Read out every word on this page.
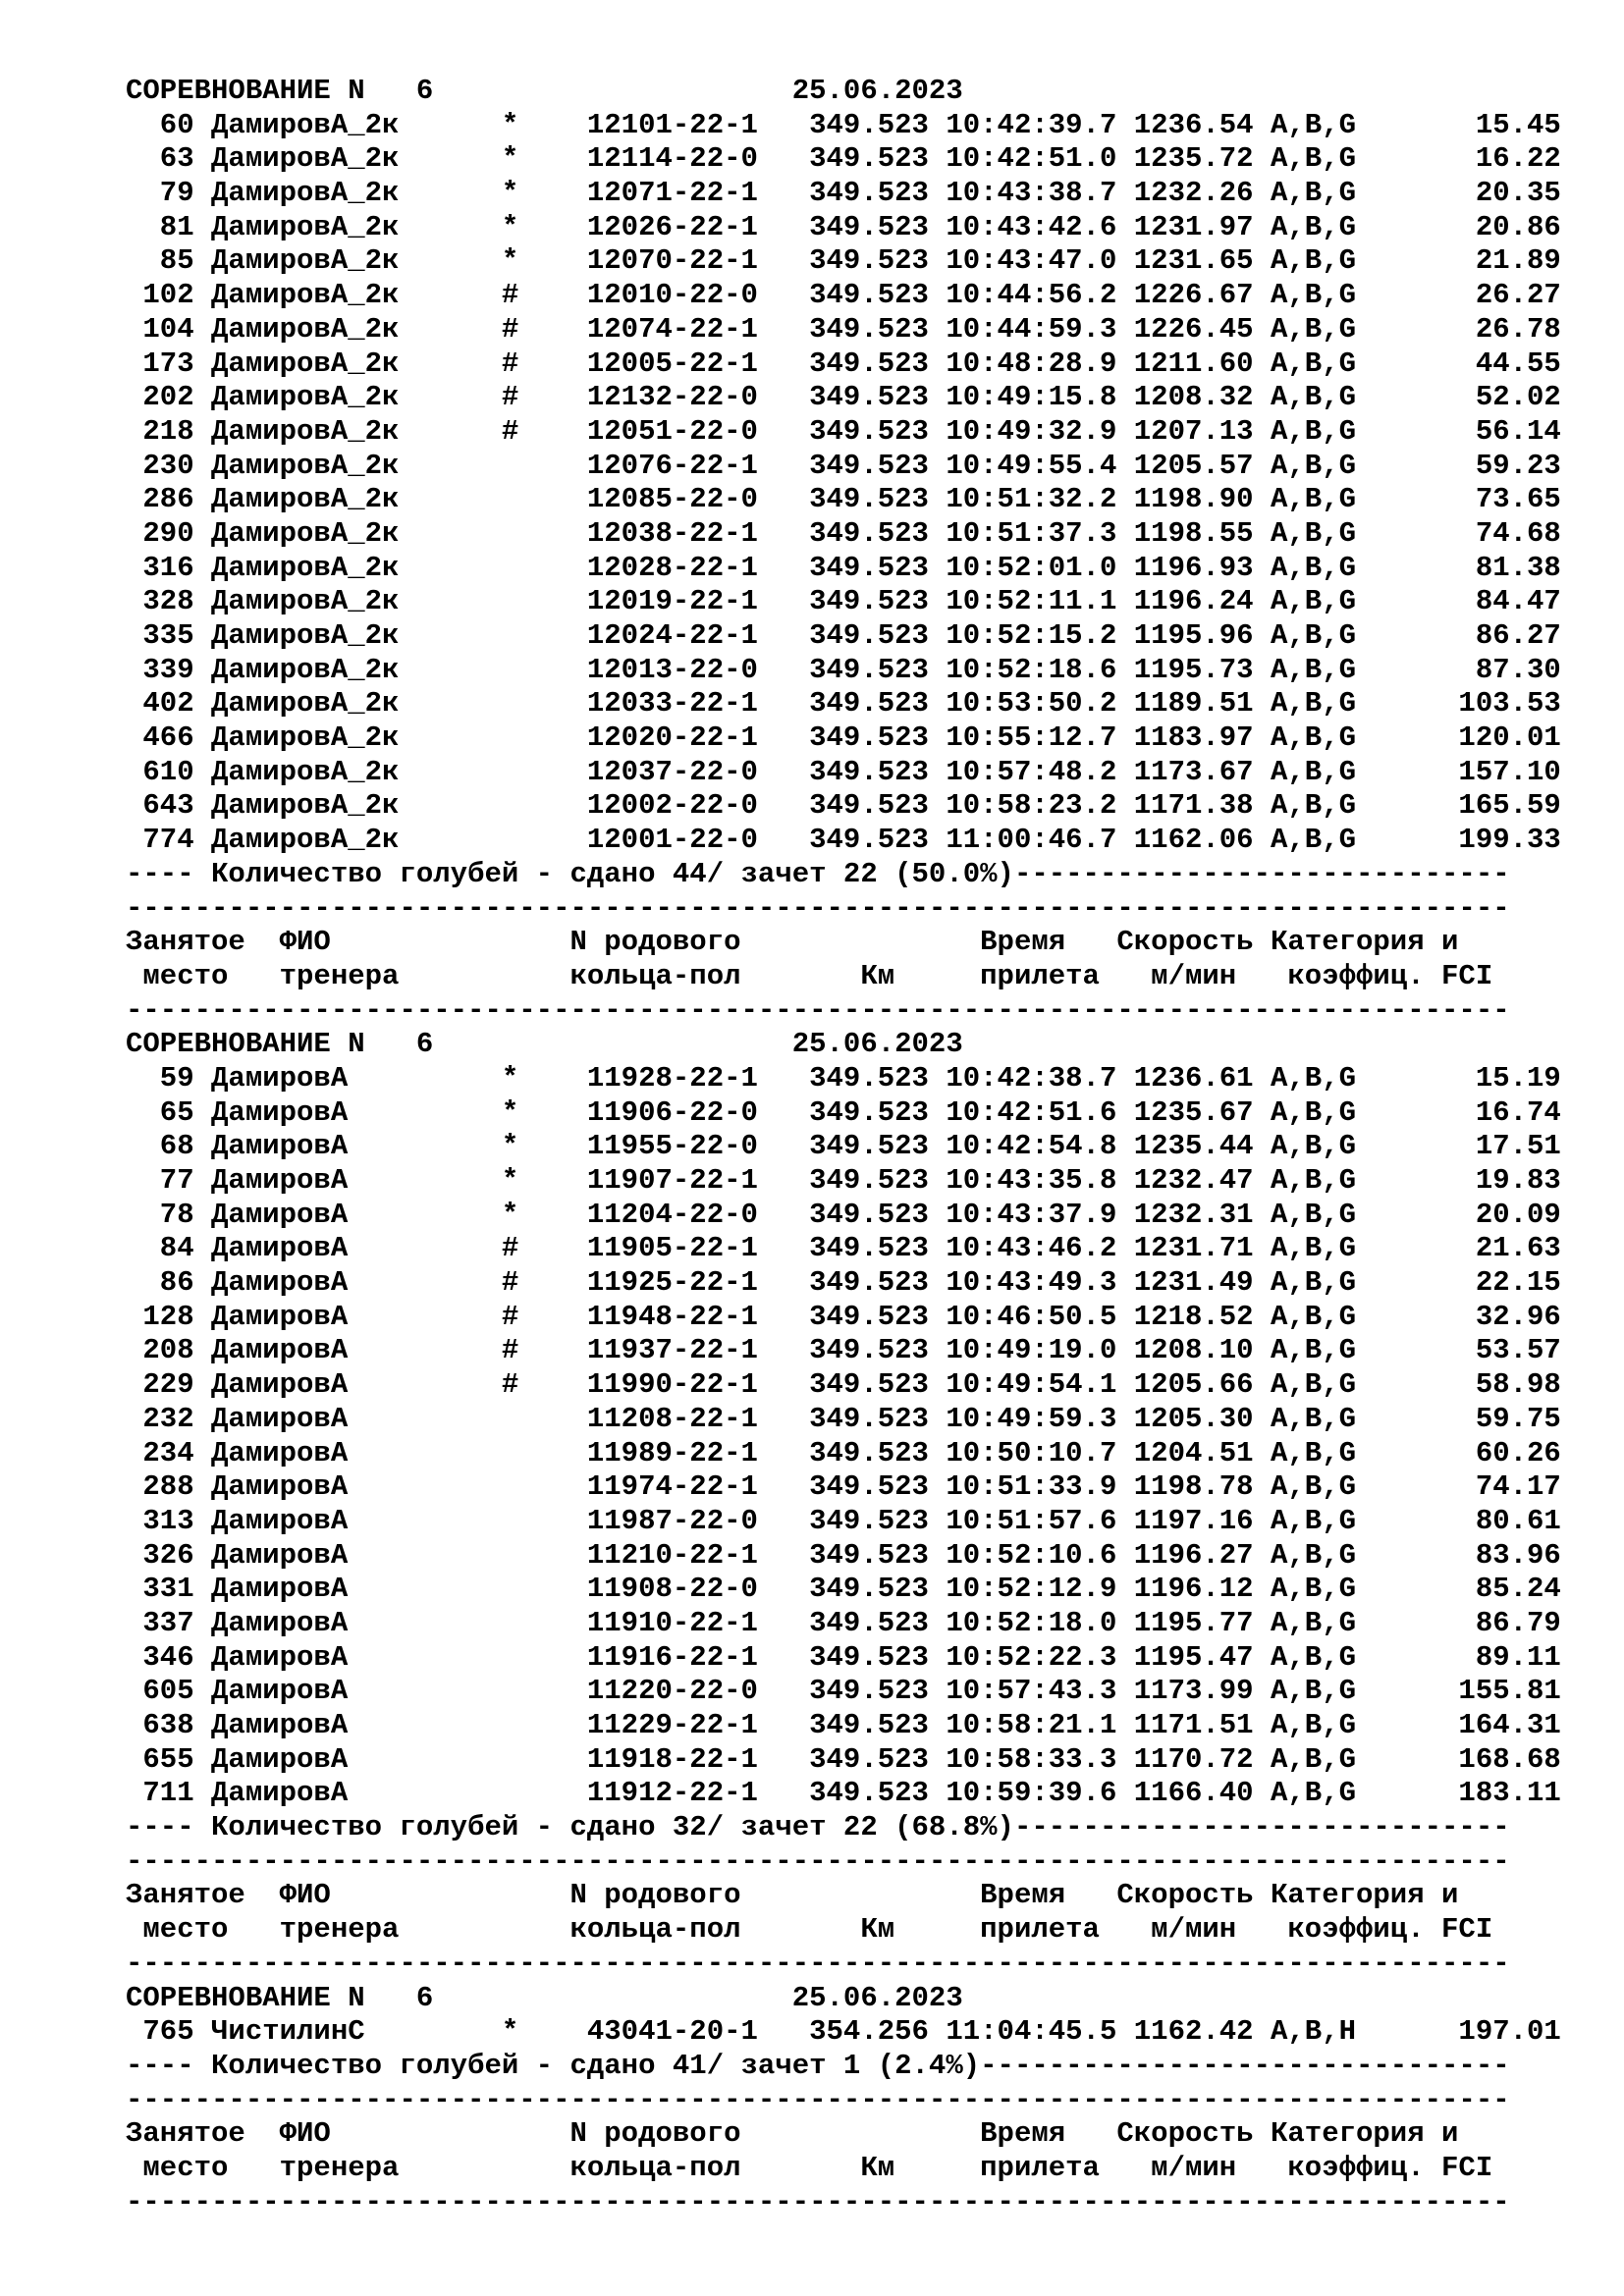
СОРЕВНОВАНИЕ N   6                     25.06.2023
60 ДамировА_2к      *    12101-22-1   349.523 10:42:39.7 1236.54 A,B,G       15.45
63 ДамировА_2к      *    12114-22-0   349.523 10:42:51.0 1235.72 A,B,G       16.22
79 ДамировА_2к      *    12071-22-1   349.523 10:43:38.7 1232.26 A,B,G       20.35
81 ДамировА_2к      *    12026-22-1   349.523 10:43:42.6 1231.97 A,B,G       20.86
85 ДамировА_2к      *    12070-22-1   349.523 10:43:47.0 1231.65 A,B,G       21.89
102 ДамировА_2к      #    12010-22-0   349.523 10:44:56.2 1226.67 A,B,G       26.27
104 ДамировА_2к      #    12074-22-1   349.523 10:44:59.3 1226.45 A,B,G       26.78
173 ДамировА_2к      #    12005-22-1   349.523 10:48:28.9 1211.60 A,B,G       44.55
202 ДамировА_2к      #    12132-22-0   349.523 10:49:15.8 1208.32 A,B,G       52.02
218 ДамировА_2к      #    12051-22-0   349.523 10:49:32.9 1207.13 A,B,G       56.14
230 ДамировА_2к           12076-22-1   349.523 10:49:55.4 1205.57 A,B,G       59.23
286 ДамировА_2к           12085-22-0   349.523 10:51:32.2 1198.90 A,B,G       73.65
290 ДамировА_2к           12038-22-1   349.523 10:51:37.3 1198.55 A,B,G       74.68
316 ДамировА_2к           12028-22-1   349.523 10:52:01.0 1196.93 A,B,G       81.38
328 ДамировА_2к           12019-22-1   349.523 10:52:11.1 1196.24 A,B,G       84.47
335 ДамировА_2к           12024-22-1   349.523 10:52:15.2 1195.96 A,B,G       86.27
339 ДамировА_2к           12013-22-0   349.523 10:52:18.6 1195.73 A,B,G       87.30
402 ДамировА_2к           12033-22-1   349.523 10:53:50.2 1189.51 A,B,G      103.53
466 ДамировА_2к           12020-22-1   349.523 10:55:12.7 1183.97 A,B,G      120.01
610 ДамировА_2к           12037-22-0   349.523 10:57:48.2 1173.67 A,B,G      157.10
643 ДамировА_2к           12002-22-0   349.523 10:58:23.2 1171.38 A,B,G      165.59
774 ДамировА_2к           12001-22-0   349.523 11:00:46.7 1162.06 A,B,G      199.33
---- Количество голубей - сдано 44/ зачет 22 (50.0%)-----------------------------
---------------------------------------------------------------------------------
Занятое  ФИО              N родового              Время   Скорость Категория и
место   тренера          кольца-пол       Км     прилета   м/мин   коэффиц. FCI
---------------------------------------------------------------------------------
СОРЕВНОВАНИЕ N   6                     25.06.2023
59 ДамировА         *    11928-22-1   349.523 10:42:38.7 1236.61 A,B,G       15.19
65 ДамировА         *    11906-22-0   349.523 10:42:51.6 1235.67 A,B,G       16.74
68 ДамировА         *    11955-22-0   349.523 10:42:54.8 1235.44 A,B,G       17.51
77 ДамировА         *    11907-22-1   349.523 10:43:35.8 1232.47 A,B,G       19.83
78 ДамировА         *    11204-22-0   349.523 10:43:37.9 1232.31 A,B,G       20.09
84 ДамировА         #    11905-22-1   349.523 10:43:46.2 1231.71 A,B,G       21.63
86 ДамировА         #    11925-22-1   349.523 10:43:49.3 1231.49 A,B,G       22.15
128 ДамировА         #    11948-22-1   349.523 10:46:50.5 1218.52 A,B,G       32.96
208 ДамировА         #    11937-22-1   349.523 10:49:19.0 1208.10 A,B,G       53.57
229 ДамировА         #    11990-22-1   349.523 10:49:54.1 1205.66 A,B,G       58.98
232 ДамировА              11208-22-1   349.523 10:49:59.3 1205.30 A,B,G       59.75
234 ДамировА              11989-22-1   349.523 10:50:10.7 1204.51 A,B,G       60.26
288 ДамировА              11974-22-1   349.523 10:51:33.9 1198.78 A,B,G       74.17
313 ДамировА              11987-22-0   349.523 10:51:57.6 1197.16 A,B,G       80.61
326 ДамировА              11210-22-1   349.523 10:52:10.6 1196.27 A,B,G       83.96
331 ДамировА              11908-22-0   349.523 10:52:12.9 1196.12 A,B,G       85.24
337 ДамировА              11910-22-1   349.523 10:52:18.0 1195.77 A,B,G       86.79
346 ДамировА              11916-22-1   349.523 10:52:22.3 1195.47 A,B,G       89.11
605 ДамировА              11220-22-0   349.523 10:57:43.3 1173.99 A,B,G      155.81
638 ДамировА              11229-22-1   349.523 10:58:21.1 1171.51 A,B,G      164.31
655 ДамировА              11918-22-1   349.523 10:58:33.3 1170.72 A,B,G      168.68
711 ДамировА              11912-22-1   349.523 10:59:39.6 1166.40 A,B,G      183.11
---- Количество голубей - сдано 32/ зачет 22 (68.8%)-----------------------------
---------------------------------------------------------------------------------
Занятое  ФИО              N родового              Время   Скорость Категория и
место   тренера          кольца-пол       Км     прилета   м/мин   коэффиц. FCI
---------------------------------------------------------------------------------
СОРЕВНОВАНИЕ N   6                     25.06.2023
765 ЧистилинС        *    43041-20-1   354.256 11:04:45.5 1162.42 A,B,H      197.01
---- Количество голубей - сдано 41/ зачет 1 (2.4%)-------------------------------
---------------------------------------------------------------------------------
Занятое  ФИО              N родового              Время   Скорость Категория и
место   тренера          кольца-пол       Км     прилета   м/мин   коэффиц. FCI
---------------------------------------------------------------------------------
